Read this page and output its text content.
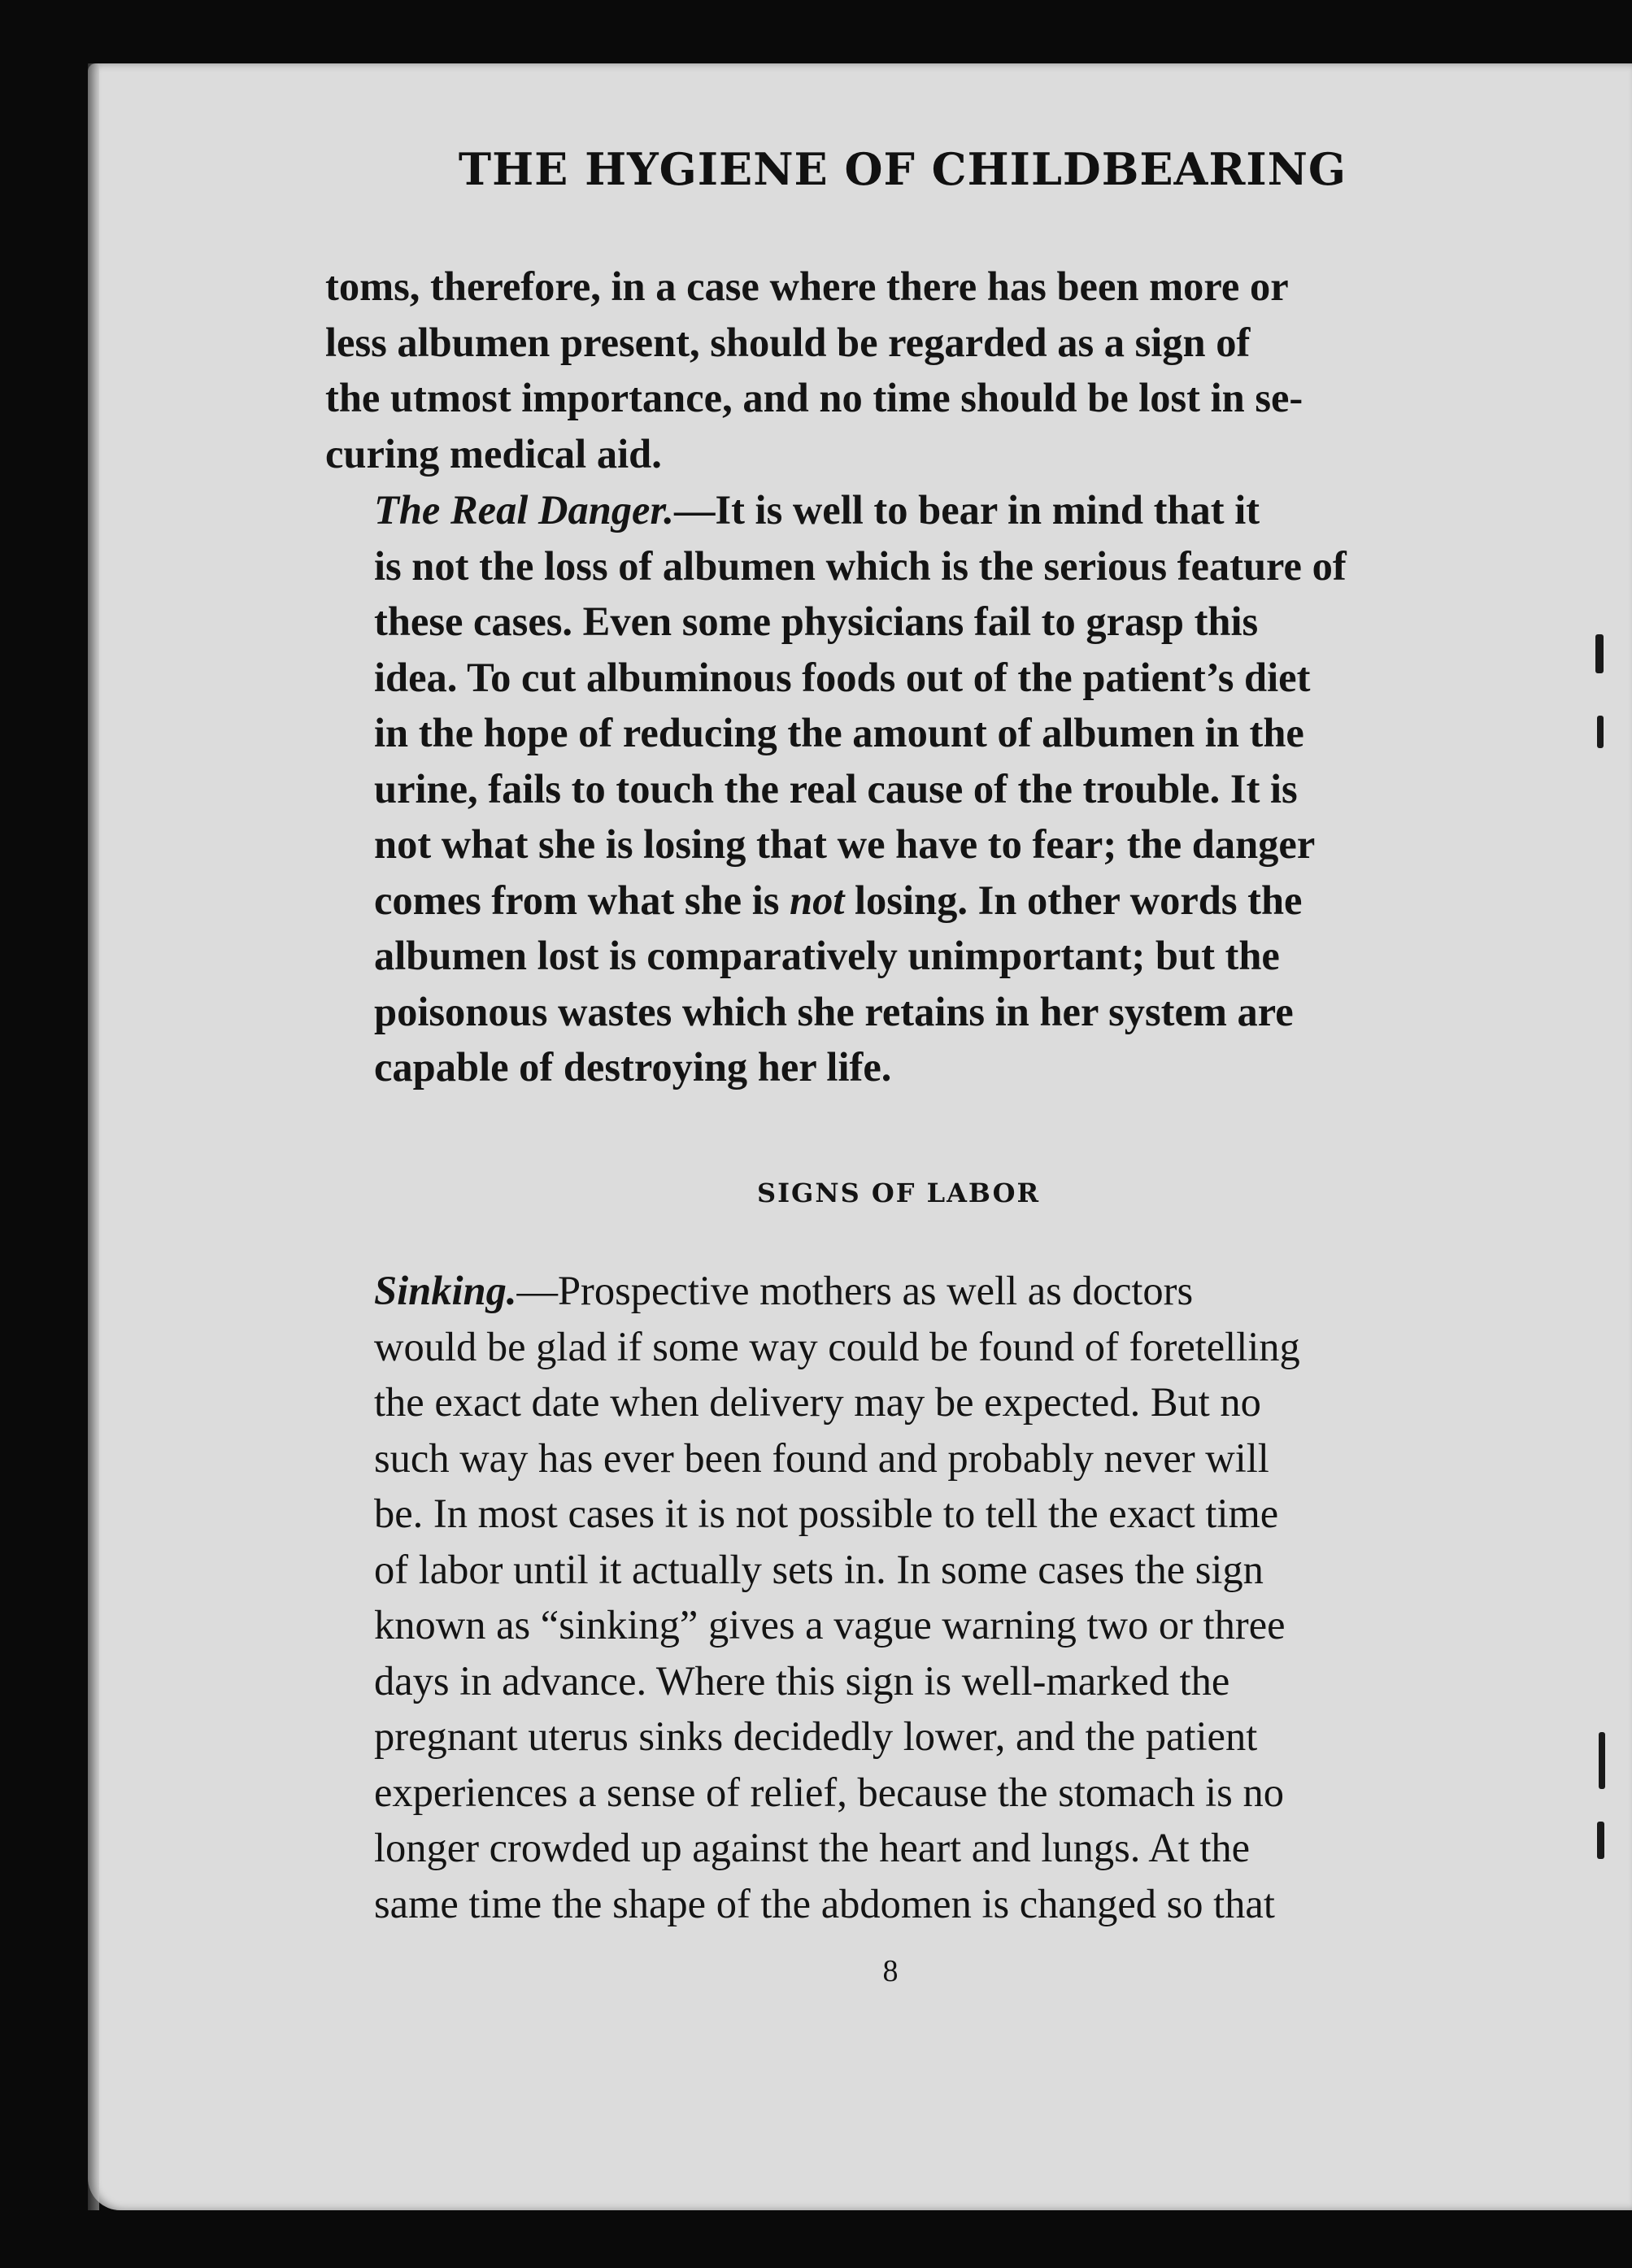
THE HYGIENE OF CHILDBEARING
toms, therefore, in a case where there has been more or
less albumen present, should be regarded as a sign of
the utmost importance, and no time should be lost in se-
curing medical aid.
The Real Danger.—It is well to bear in mind that it
is not the loss of albumen which is the serious feature of
these cases. Even some physicians fail to grasp this
idea. To cut albuminous foods out of the patient’s diet
in the hope of reducing the amount of albumen in the
urine, fails to touch the real cause of the trouble. It is
not what she is losing that we have to fear; the danger
comes from what she is not losing. In other words the
albumen lost is comparatively unimportant; but the
poisonous wastes which she retains in her system are
capable of destroying her life.
SIGNS OF LABOR
Sinking.—Prospective mothers as well as doctors
would be glad if some way could be found of foretelling
the exact date when delivery may be expected. But no
such way has ever been found and probably never will
be. In most cases it is not possible to tell the exact time
of labor until it actually sets in. In some cases the sign
known as “sinking” gives a vague warning two or three
days in advance. Where this sign is well-marked the
pregnant uterus sinks decidedly lower, and the patient
experiences a sense of relief, because the stomach is no
longer crowded up against the heart and lungs. At the
same time the shape of the abdomen is changed so that
8
